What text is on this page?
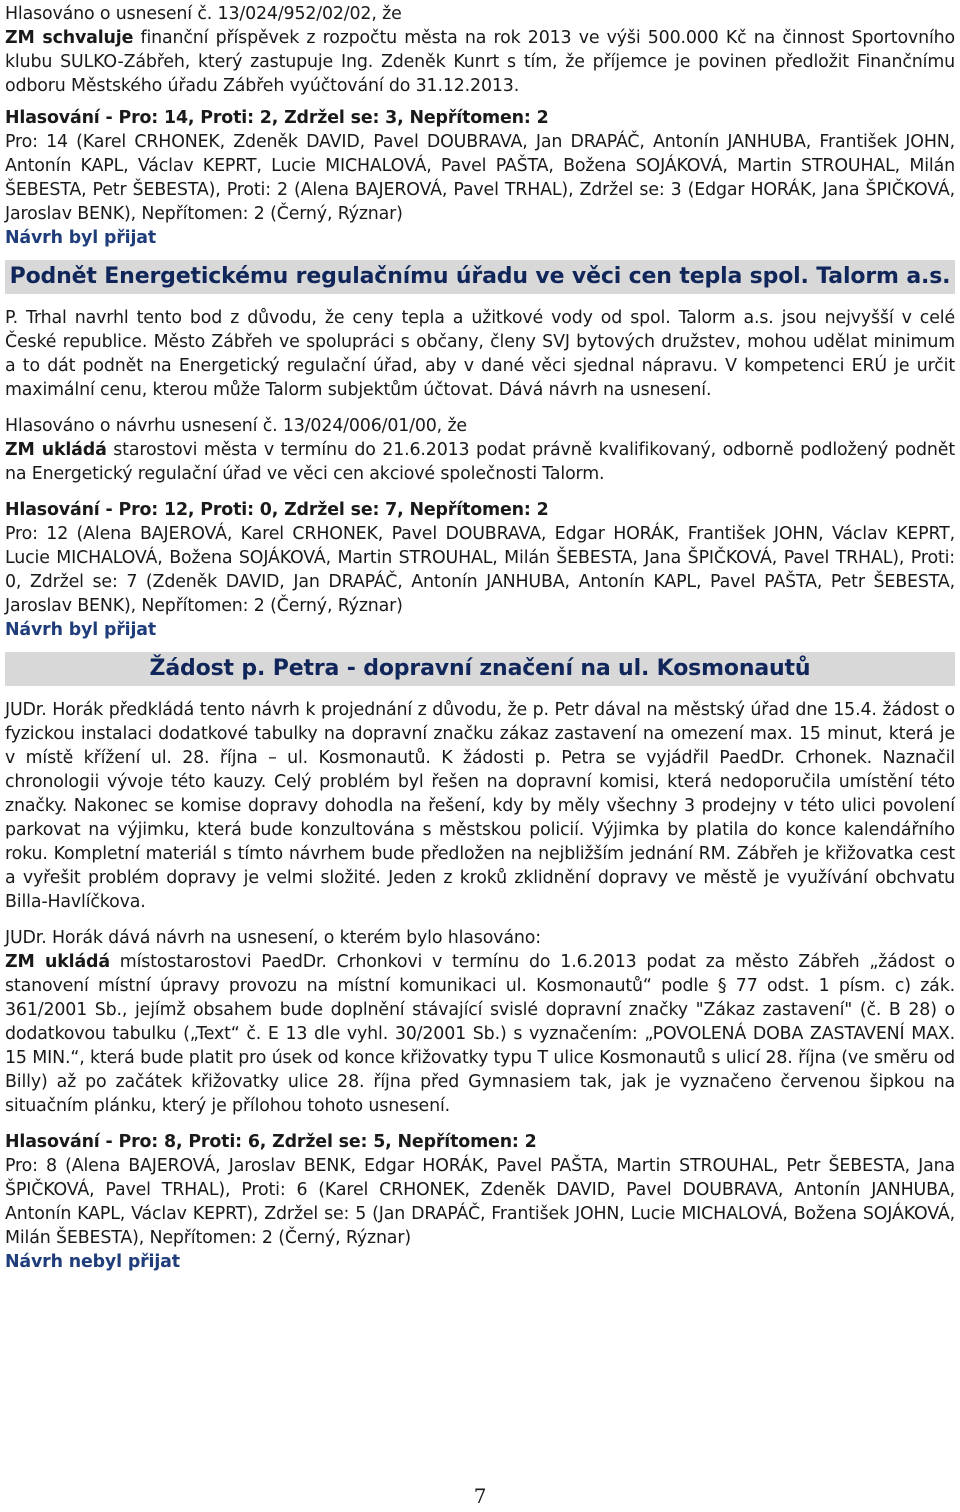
Hlasováno o usnesení č. 13/024/952/02/02, že

ZM schvaluje finanční příspěvek z rozpočtu města na rok 2013 ve výši 500.000 Kč na činnost Sportovního klubu SULKO-Zábřeh, který zastupuje Ing. Zdeněk Kunrt s tím, že příjemce je povinen předložit Finančnímu odboru Městského úřadu Zábřeh vyúčtování do 31.12.2013.

Hlasování - Pro: 14, Proti: 2, Zdržel se: 3, Nepřítomen: 2

Pro: 14 (Karel CRHONEK, Zdeněk DAVID, Pavel DOUBRAVA, Jan DRAPÁČ, Antonín JANHUBA, František JOHN, Antonín KAPL, Václav KEPRT, Lucie MICHALOVÁ, Pavel PAŠTA, Božena SOJÁKOVÁ, Martin STROUHAL, Milán ŠEBESTA, Petr ŠEBESTA), Proti: 2 (Alena BAJEROVÁ, Pavel TRHAL), Zdržel se: 3 (Edgar HORÁK, Jana ŠPIČKOVÁ, Jaroslav BENK), Nepřítomen: 2 (Černý, Rýznar)

Návrh byl přijat

Podnět Energetickému regulačnímu úřadu ve věci cen tepla spol. Talorm a.s.

P. Trhal navrhl tento bod z důvodu, že ceny tepla a užitkové vody od spol. Talorm a.s. jsou nejvyšší v celé České republice. Město Zábřeh ve spolupráci s občany, členy SVJ bytových družstev, mohou udělat minimum a to dát podnět na Energetický regulační úřad, aby v dané věci sjednal nápravu. V kompetenci ERÚ je určit maximální cenu, kterou může Talorm subjektům účtovat. Dává návrh na usnesení.

Hlasováno o návrhu usnesení č. 13/024/006/01/00, že

ZM ukládá starostovi města v termínu do 21.6.2013 podat právně kvalifikovaný, odborně podložený podnět na Energetický regulační úřad ve věci cen akciové společnosti Talorm.

Hlasování - Pro: 12, Proti: 0, Zdržel se: 7, Nepřítomen: 2

Pro: 12 (Alena BAJEROVÁ, Karel CRHONEK, Pavel DOUBRAVA, Edgar HORÁK, František JOHN, Václav KEPRT, Lucie MICHALOVÁ, Božena SOJÁKOVÁ, Martin STROUHAL, Milán ŠEBESTA, Jana ŠPIČKOVÁ, Pavel TRHAL), Proti: 0, Zdržel se: 7 (Zdeněk DAVID, Jan DRAPÁČ, Antonín JANHUBA, Antonín KAPL, Pavel PAŠTA, Petr ŠEBESTA, Jaroslav BENK), Nepřítomen: 2 (Černý, Rýznar)

Návrh byl přijat

Žádost p. Petra - dopravní značení na ul. Kosmonautů

JUDr. Horák předkládá tento návrh k projednání z důvodu, že p. Petr dával na městský úřad dne 15.4. žádost o fyzickou instalaci dodatkové tabulky na dopravní značku zákaz zastavení na omezení max. 15 minut, která je v místě křížení ul. 28. října – ul. Kosmonautů. K žádosti p. Petra se vyjádřil PaedDr. Crhonek. Naznačil chronologii vývoje této kauzy. Celý problém byl řešen na dopravní komisi, která nedoporučila umístění této značky. Nakonec se komise dopravy dohodla na řešení, kdy by měly všechny 3 prodejny v této ulici povolení parkovat na výjimku, která bude konzultována s městskou policií. Výjimka by platila do konce kalendářního roku. Kompletní materiál s tímto návrhem bude předložen na nejbližším jednání RM. Zábřeh je křižovatka cest a vyřešit problém dopravy je velmi složité. Jeden z kroků zklidnění dopravy ve městě je využívání obchvatu Billa-Havlíčkova.

JUDr. Horák dává návrh na usnesení, o kterém bylo hlasováno:

ZM ukládá místostarostovi PaedDr. Crhonkovi v termínu do 1.6.2013 podat za město Zábřeh „žádost o stanovení místní úpravy provozu na místní komunikaci ul. Kosmonautů“ podle § 77 odst. 1 písm. c) zák. 361/2001 Sb., jejímž obsahem bude doplnění stávající svislé dopravní značky "Zákaz zastavení" (č. B 28) o dodatkovou tabulku („Text“ č. E 13 dle vyhl. 30/2001 Sb.) s vyznačením: „POVOLENÁ DOBA ZASTAVENÍ MAX. 15 MIN.“, která bude platit pro úsek od konce křižovatky typu T ulice Kosmonautů s ulicí 28. října (ve směru od Billy) až po začátek křižovatky ulice 28. října před Gymnasiem tak, jak je vyznačeno červenou šipkou na situačním plánku, který je přílohou tohoto usnesení.

Hlasování - Pro: 8, Proti: 6, Zdržel se: 5, Nepřítomen: 2

Pro: 8 (Alena BAJEROVÁ, Jaroslav BENK, Edgar HORÁK, Pavel PAŠTA, Martin STROUHAL, Petr ŠEBESTA, Jana ŠPIČKOVÁ, Pavel TRHAL), Proti: 6 (Karel CRHONEK, Zdeněk DAVID, Pavel DOUBRAVA, Antonín JANHUBA, Antonín KAPL, Václav KEPRT), Zdržel se: 5 (Jan DRAPÁČ, František JOHN, Lucie MICHALOVÁ, Božena SOJÁKOVÁ, Milán ŠEBESTA), Nepřítomen: 2 (Černý, Rýznar)

Návrh nebyl přijat

7
